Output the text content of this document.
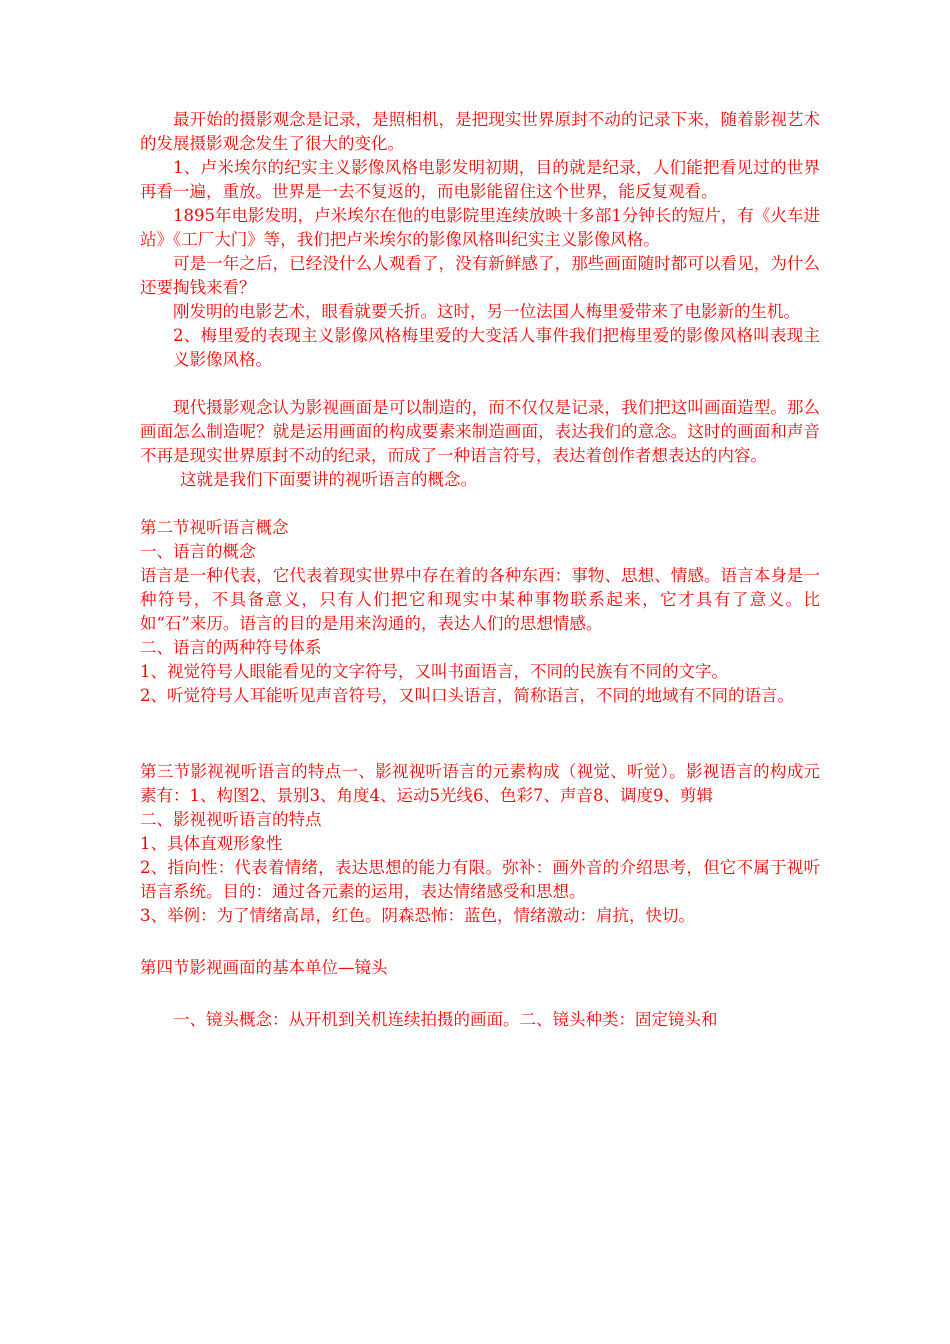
最开始的摄影观念是记录，是照相机，是把现实世界原封不动的记录下来，随着影视艺术的发展摄影观念发生了很大的变化。

1、卢米埃尔的纪实主义影像风格电影发明初期，目的就是纪录，人们能把看见过的世界再看一遍，重放。世界是一去不复返的，而电影能留住这个世界，能反复观看。

1895年电影发明，卢米埃尔在他的电影院里连续放映十多部1分钟长的短片，有《火车进站》《工厂大门》等，我们把卢米埃尔的影像风格叫纪实主义影像风格。

可是一年之后，已经没什么人观看了，没有新鲜感了，那些画面随时都可以看见，为什么还要掏钱来看？

刚发明的电影艺术，眼看就要夭折。这时，另一位法国人梅里爱带来了电影新的生机。

2、梅里爱的表现主义影像风格梅里爱的大变活人事件我们把梅里爱的影像风格叫表现主义影像风格。

现代摄影观念认为影视画面是可以制造的，而不仅仅是记录，我们把这叫画面造型。那么画面怎么制造呢？就是运用画面的构成要素来制造画面，表达我们的意念。这时的画面和声音不再是现实世界原封不动的纪录，而成了一种语言符号，表达着创作者想表达的内容。

这就是我们下面要讲的视听语言的概念。

第二节视听语言概念

一、语言的概念

语言是一种代表，它代表着现实世界中存在着的各种东西：事物、思想、情感。语言本身是一种符号，不具备意义，只有人们把它和现实中某种事物联系起来，它才具有了意义。比如“石”来历。语言的目的是用来沟通的，表达人们的思想情感。

二、语言的两种符号体系

1、视觉符号人眼能看见的文字符号，又叫书面语言，不同的民族有不同的文字。

2、听觉符号人耳能听见声音符号，又叫口头语言，简称语言，不同的地域有不同的语言。

第三节影视视听语言的特点一、影视视听语言的元素构成（视觉、听觉）。影视语言的构成元素有：1、构图2、景别3、角度4、运动5光线6、色彩7、声音8、调度9、剪辑

二、影视视听语言的特点

1、具体直观形象性

2、指向性：代表着情绪，表达思想的能力有限。弥补：画外音的介绍思考，但它不属于视听语言系统。目的：通过各元素的运用，表达情绪感受和思想。

3、举例：为了情绪高昂，红色。阴森恐怖：蓝色，情绪激动：肩抗，快切。

第四节影视画面的基本单位—镜头

一、镜头概念：从开机到关机连续拍摄的画面。二、镜头种类：固定镜头和
